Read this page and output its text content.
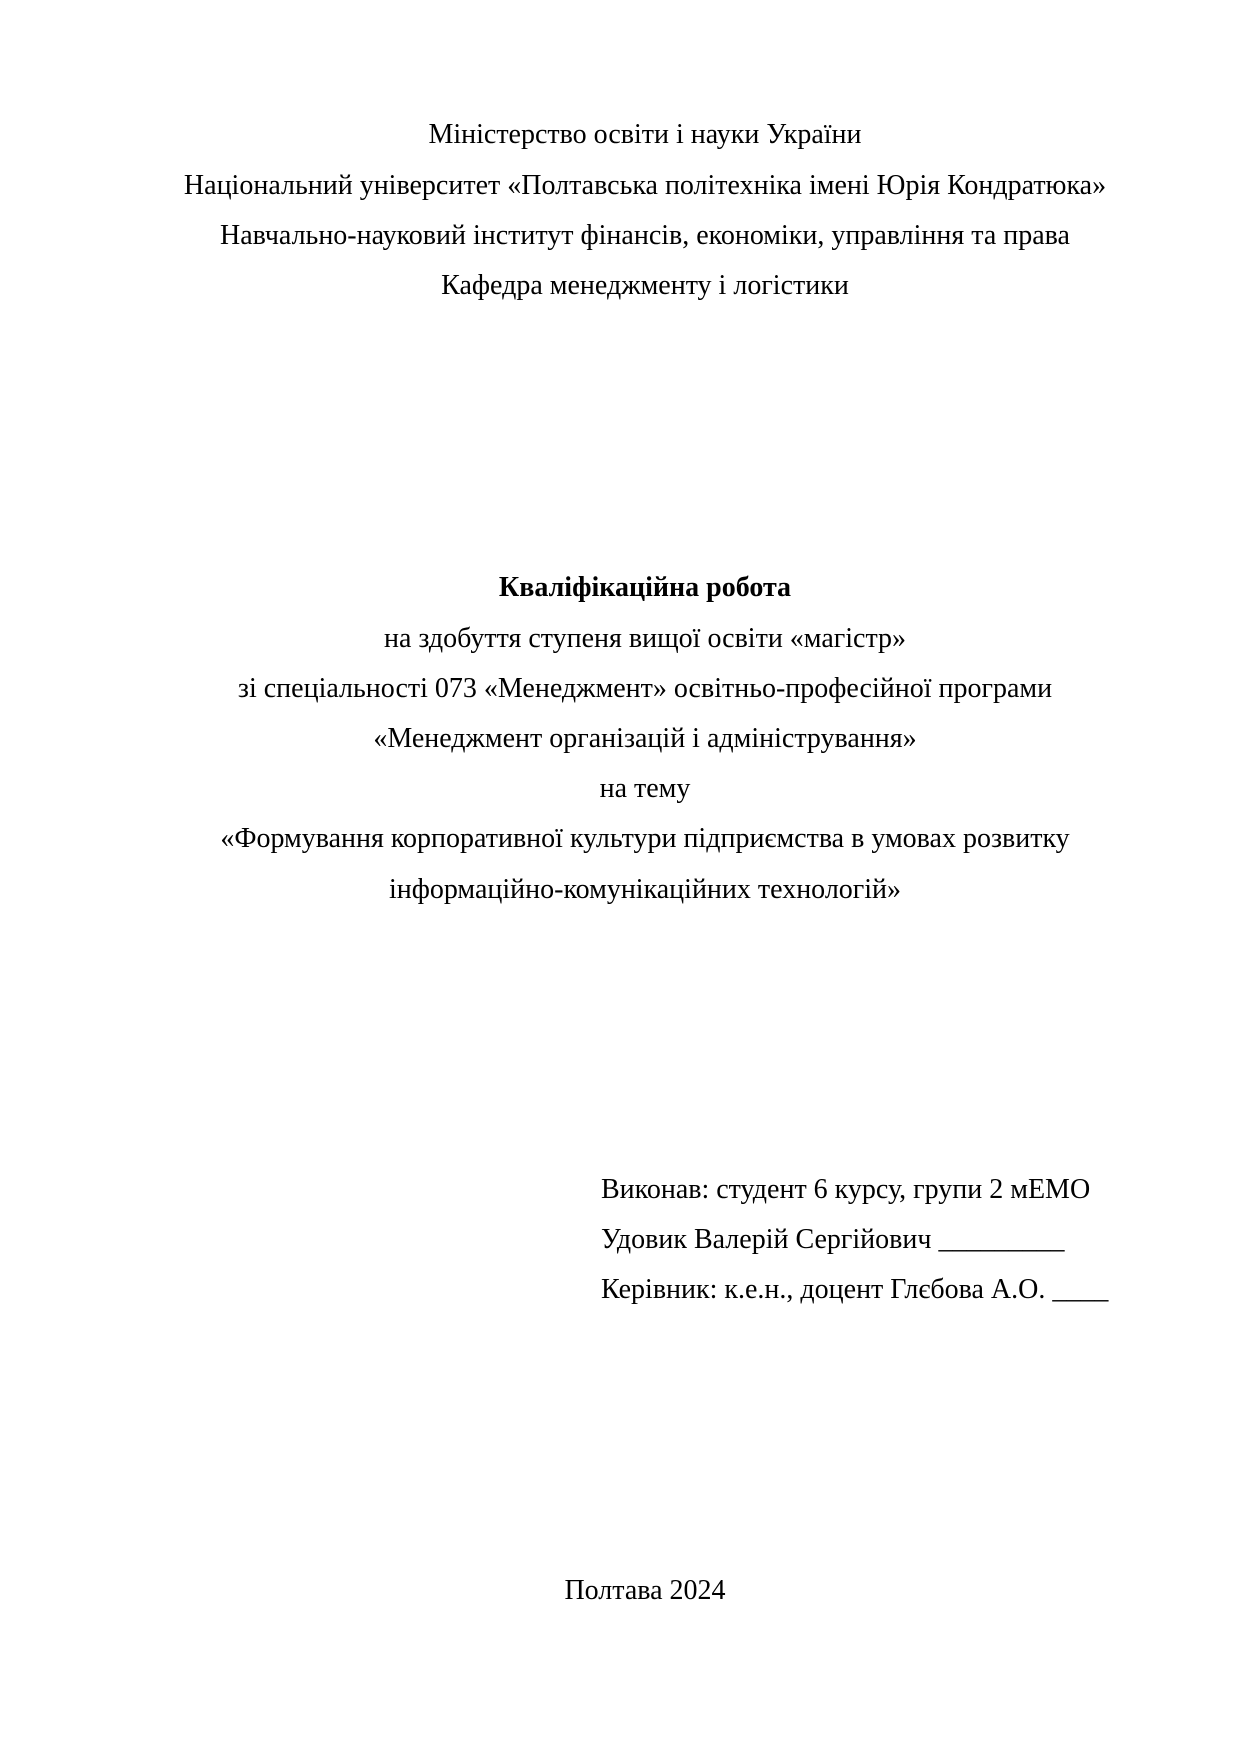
Міністерство освіти і науки України
Національний університет «Полтавська політехніка імені Юрія Кондратюка»
Навчально-науковий інститут фінансів, економіки, управління та права
Кафедра менеджменту і логістики
Кваліфікаційна робота
на здобуття ступеня вищої освіти «магістр»
зі спеціальності 073 «Менеджмент» освітньо-професійної програми
«Менеджмент організацій і адміністрування»
на тему
«Формування корпоративної культури підприємства в умовах розвитку
інформаційно-комунікаційних технологій»
Виконав: студент 6 курсу, групи 2 мЕМО
Удовик Валерій Сергійович _________
Керівник: к.е.н., доцент Глєбова А.О. ____
Полтава 2024
